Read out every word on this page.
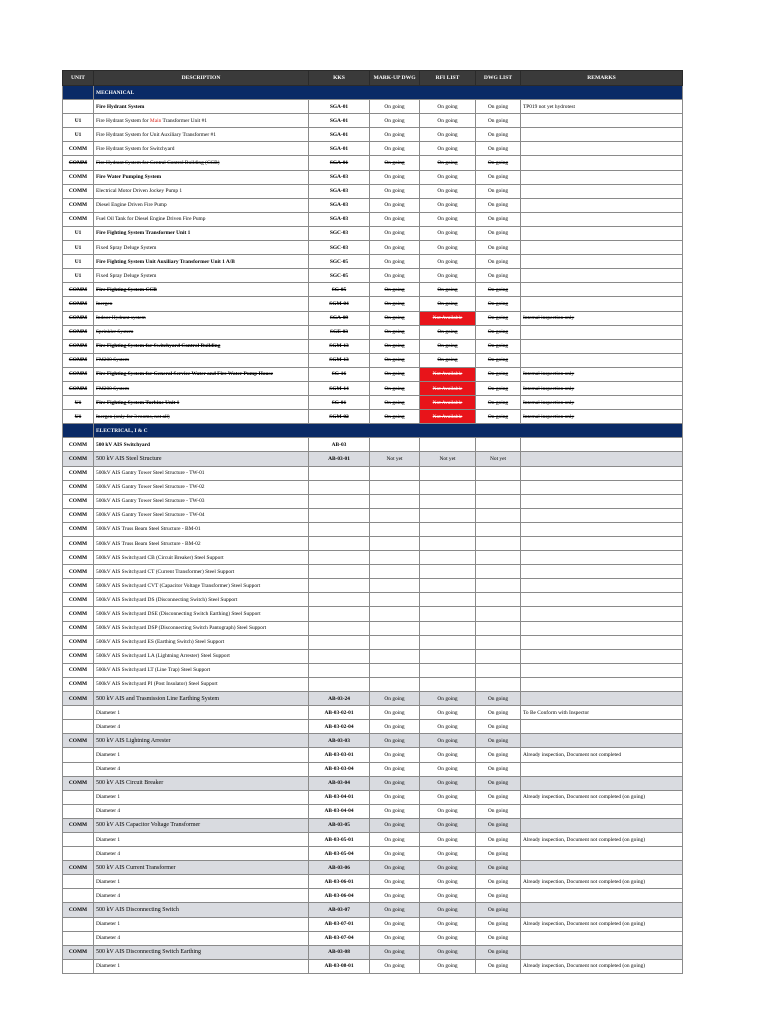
UNIT	DESCRIPTION	KKS	MARK-UP DWG	RFI LIST	DWG LIST	REMARKS
	MECHANICAL					
	Fire Hydrant System	SGA-01	On going	On going	On going	TP019 not yet hydrotest
U1	Fire Hydrant System for Main Transformer Unit #1	SGA-01	On going	On going	On going	
U1	Fire Hydrant System for Unit Auxiliary Transformer #1	SGA-01	On going	On going	On going	
COMM	Fire Hydrant System for Switchyard	SGA-01	On going	On going	On going	
COMM	Fire Hydrant System for Central Control Building (CCB)	SGA-01	On going	On going	On going	
COMM	Fire Water Pumping System	SGA-03	On going	On going	On going	
COMM	Electrical Motor Driven Jockey Pump 1	SGA-03	On going	On going	On going	
COMM	Diesel Engine Driven Fire Pump	SGA-03	On going	On going	On going	
COMM	Fuel Oil Tank for Diesel Engine Driven Fire Pump	SGA-03	On going	On going	On going	
U1	Fire Fighting System Transformer Unit 1	SGC-03	On going	On going	On going	
U1	Fixed Spray Deluge System	SGC-03	On going	On going	On going	
U1	Fire Fighting System Unit Auxiliary Transformer Unit 1 A/B	SGC-05	On going	On going	On going	
U1	Fixed Spray Deluge System	SGC-05	On going	On going	On going	
COMM	Fire Fighting System CCB	SG-05	On going	On going	On going	
COMM	Inergen	SGM-04	On going	On going	On going	
COMM	Indoor Hydrant system	SGA-09	On going	Not Available	On going	Internal inspection only
COMM	Sprinkler System	SGE-03	On going	On going	On going	
COMM	Fire Fighting System for Switchyard Control Building	SGM-13	On going	On going	On going	
COMM	FM200 System	SGM-13	On going	On going	On going	
COMM	Fire Fighting System for General Service Water and Fire Water Pump House	SG-16	On going	Not Available	On going	Internal inspection only
COMM	FM200 System	SGM-14	On going	Not Available	On going	Internal inspection only
U1	Fire Fighting System Turbine Unit 1	SG-01	On going	Not Available	On going	Internal inspection only
U1	Inergen (only for 3 rooms, not all)	SGM-02	On going	Not Available	On going	Internal inspection only
	ELECTRICAL, I & C					
COMM	500 kV AIS Switchyard	AB-03				
COMM	500 kV AIS Steel Structure	AB-03-01	Not yet	Not yet	Not yet	
COMM	500kV AIS Gantry Tower Steel Structure - TW-01					
COMM	500kV AIS Gantry Tower Steel Structure - TW-02					
COMM	500kV AIS Gantry Tower Steel Structure - TW-03					
COMM	500kV AIS Gantry Tower Steel Structure - TW-04					
COMM	500kV AIS Truss Beam Steel Structure - BM-01					
COMM	500kV AIS Truss Beam Steel Structure - BM-02					
COMM	500kV AIS Switchyard CB (Circuit Breaker) Steel Support					
COMM	500kV AIS Switchyard CT (Current Transformer) Steel Support					
COMM	500kV AIS Switchyard CVT (Capacitor Voltage Transformer) Steel Support					
COMM	500kV AIS Switchyard DS (Disconnecting Switch) Steel Support					
COMM	500kV AIS Switchyard DSE (Disconnecting Switch Earthing) Steel Support					
COMM	500kV AIS Switchyard DSP (Disconnecting Switch Pantograph) Steel Support					
COMM	500kV AIS Switchyard ES (Earthing Switch) Steel Support					
COMM	500kV AIS Switchyard LA (Lightning Arrester) Steel Support					
COMM	500kV AIS Switchyard LT (Line Trap) Steel Support					
COMM	500kV AIS Switchyard PI (Post Insulator) Steel Support					
COMM	500 kV AIS and Trasmission Line Earthing System	AB-03-24	On going	On going	On going	
	Diameter 1	AB-03-02-01	On going	On going	On going	To Be Conform with Inspector
	Diameter 4	AB-03-02-04	On going	On going	On going	
COMM	500 kV AIS Lightning Arrester	AB-03-03	On going	On going	On going	
	Diameter 1	AB-03-03-01	On going	On going	On going	Already inspection, Document not completed
	Diameter 4	AB-03-03-04	On going	On going	On going	
COMM	500 kV AIS Circuit Breaker	AB-03-04	On going	On going	On going	
	Diameter 1	AB-03-04-01	On going	On going	On going	Already inspection, Document not completed (on going)
	Diameter 4	AB-03-04-04	On going	On going	On going	
COMM	500 kV AIS Capacitor Voltage Transformer	AB-03-05	On going	On going	On going	
	Diameter 1	AB-03-05-01	On going	On going	On going	Already inspection, Document not completed (on going)
	Diameter 4	AB-03-05-04	On going	On going	On going	
COMM	500 kV AIS Current Transformer	AB-03-06	On going	On going	On going	
	Diameter 1	AB-03-06-01	On going	On going	On going	Already inspection, Document not completed (on going)
	Diameter 4	AB-03-06-04	On going	On going	On going	
COMM	500 kV AIS Disconnecting Switch	AB-03-07	On going	On going	On going	
	Diameter 1	AB-03-07-01	On going	On going	On going	Already inspection, Document not completed (on going)
	Diameter 4	AB-03-07-04	On going	On going	On going	
COMM	500 kV AIS Disconnecting Switch Earthing	AB-03-08	On going	On going	On going	
	Diameter 1	AB-03-08-01	On going	On going	On going	Already inspection, Document not completed (on going)
